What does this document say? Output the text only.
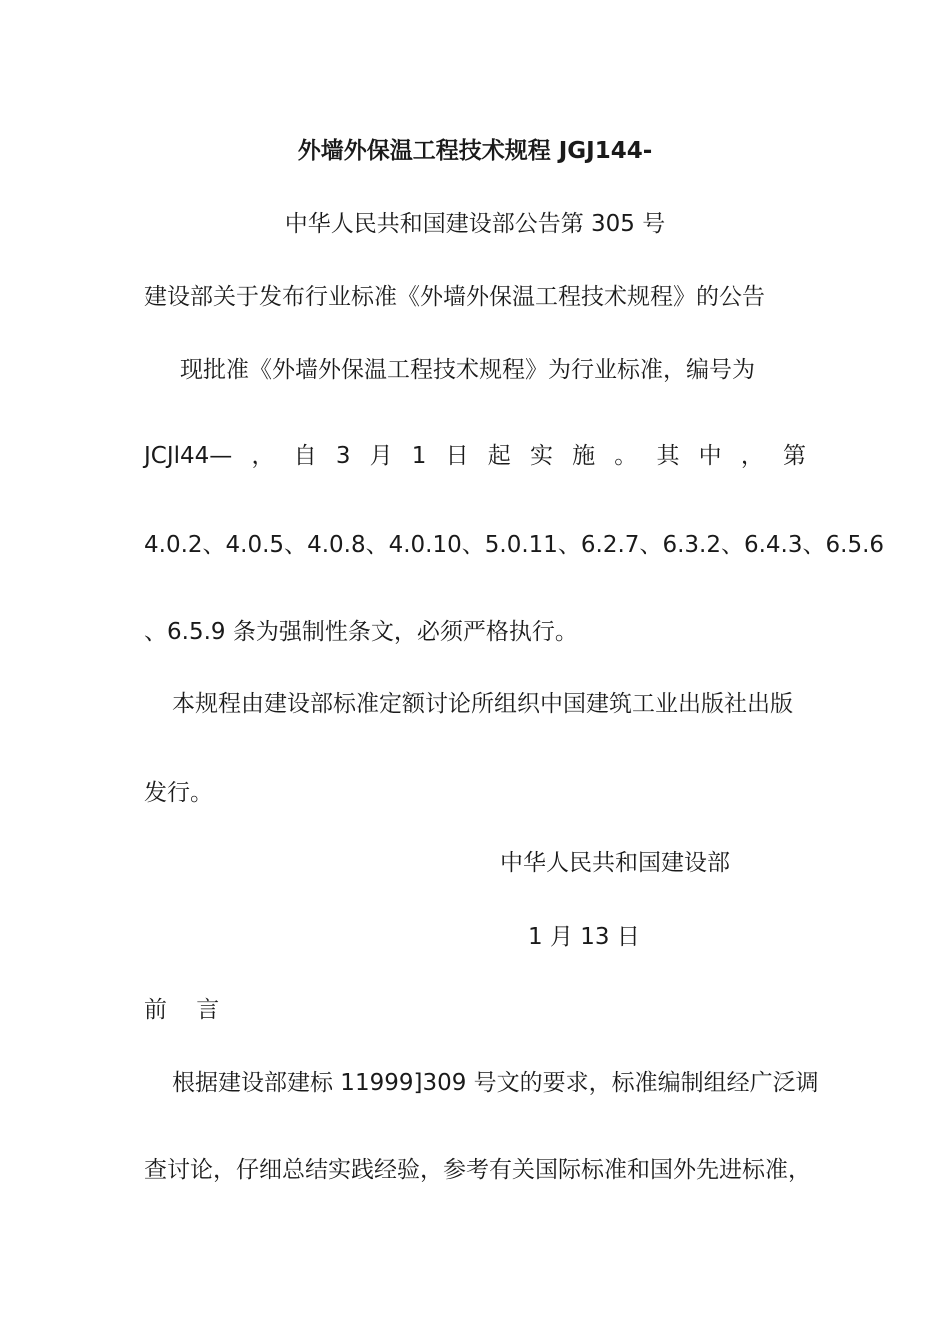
外墙外保温工程技术规程 JGJ144-
中华人民共和国建设部公告第 305 号
建设部关于发布行业标准《外墙外保温工程技术规程》的公告
现批准《外墙外保温工程技术规程》为行业标准，编号为
JCJl44— ， 自 3 月 1 日 起 实 施 。 其 中 ， 第
4.0.2、 4.0.5、 4.0.8、 4.0.10、 5.0.11、 6.2.7、 6.3.2、 6.4.3、 6.5.6
、6.5.9 条为强制性条文，必须严格执行。
本规程由建设部标准定额讨论所组织中国建筑工业出版社出版
发行。
中华人民共和国建设部
1 月 13 日
前    言
根据建设部建标 11999]309 号文的要求，标准编制组经广泛调
查讨论，仔细总结实践经验，参考有关国际标准和国外先进标准，
